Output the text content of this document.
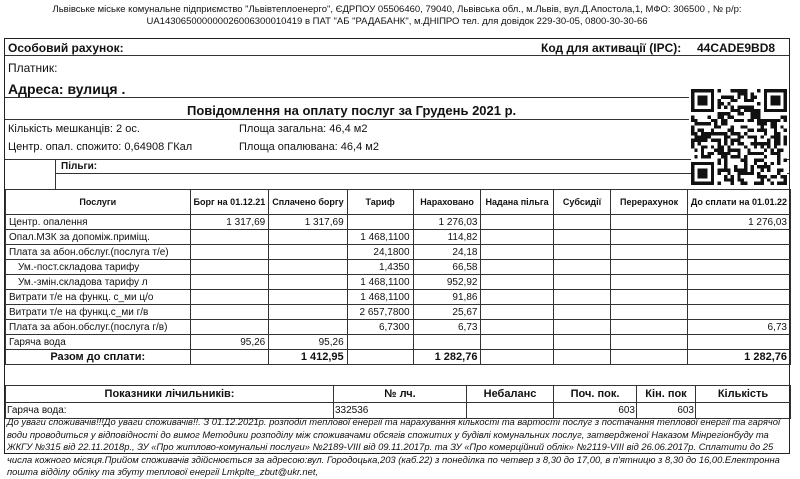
Львівське міське комунальне підприємство "Львівтеплоенерго", ЄДРПОУ 05506460, 79040, Львівська обл., м.Львів, вул.Д.Апостола,1, МФО: 306500 , № р/р:
UA143065000000026006300010419 в ПАТ "АБ "РАДАБАНК", м.ДНІПРО тел. для довідок 229-30-05, 0800-30-30-66
Особовий рахунок:	Код для активації (IPC): 44CADE9BD8
Платник:
Адреса: вулиця .
Повідомлення на оплату послуг за Грудень 2021 р.
Кількість мешканців: 2 ос.	Площа загальна: 46,4 м2
Центр. опал. спожито: 0,64908 ГКал	Площа опалювана: 46,4 м2
Пільги:
Послуги	Борг на 01.12.21	Сплачено боргу	Тариф	Нараховано	Надана пільга	Субсидії	Перерахунок	До сплати на 01.01.22
Центр. опалення	1 317,69	1 317,69		1 276,03				1 276,03
Опал.МЗК за допоміж.приміщ.			1 468,1100	114,82				
Плата за абон.обслуг.(послуга т/е)			24,1800	24,18				
Ум.-пост.складова тарифу			1,4350	66,58				
Ум.-змін.складова тарифу л			1 468,1100	952,92				
Витрати т/е на функц. с_ми ц/о			1 468,1100	91,86				
Витрати т/е на функц.с_ми г/в			2 657,7800	25,67				
Плата за абон.обслуг.(послуга г/в)			6,7300	6,73				6,73
Гаряча вода	95,26	95,26						
Разом до сплати:		1 412,95		1 282,76				1 282,76
Показники лічильників:	№ лч.	Небаланс	Поч. пок.	Кін. пок	Кількість
Гаряча вода:	332536		603	603	
До уваги споживачів!!!До уваги споживачів!!. З 01.12.2021р. розподіл теплової енергії та нарахування кількості та вартості послуг з постачання теплової енергії та гарячої води проводиться у відповідності до вимог Методики розподілу між споживачами обсягів спожитих у будівлі комунальних послуг, затвердженої Наказом Мінрегіонбуду та ЖКГУ №315 від 22.11.2018р., ЗУ «Про житлово-комунальні послуги» №2189-VIII від 09.11.2017р. та ЗУ «Про комерційний облік» №2119-VIII від 26.06.2017р. Сплатити до 25 числа кожного місяця.Прийом споживачів здійснюється за адресою:вул. Городоцька,203 (каб.22) з понеділка по четвер з 8,30 до 17,00, в п'ятницю з 8,30 до 16,00.Електронна пошта відділу обліку та збуту теплової енергії Lmkplte_zbut@ukr.net,
